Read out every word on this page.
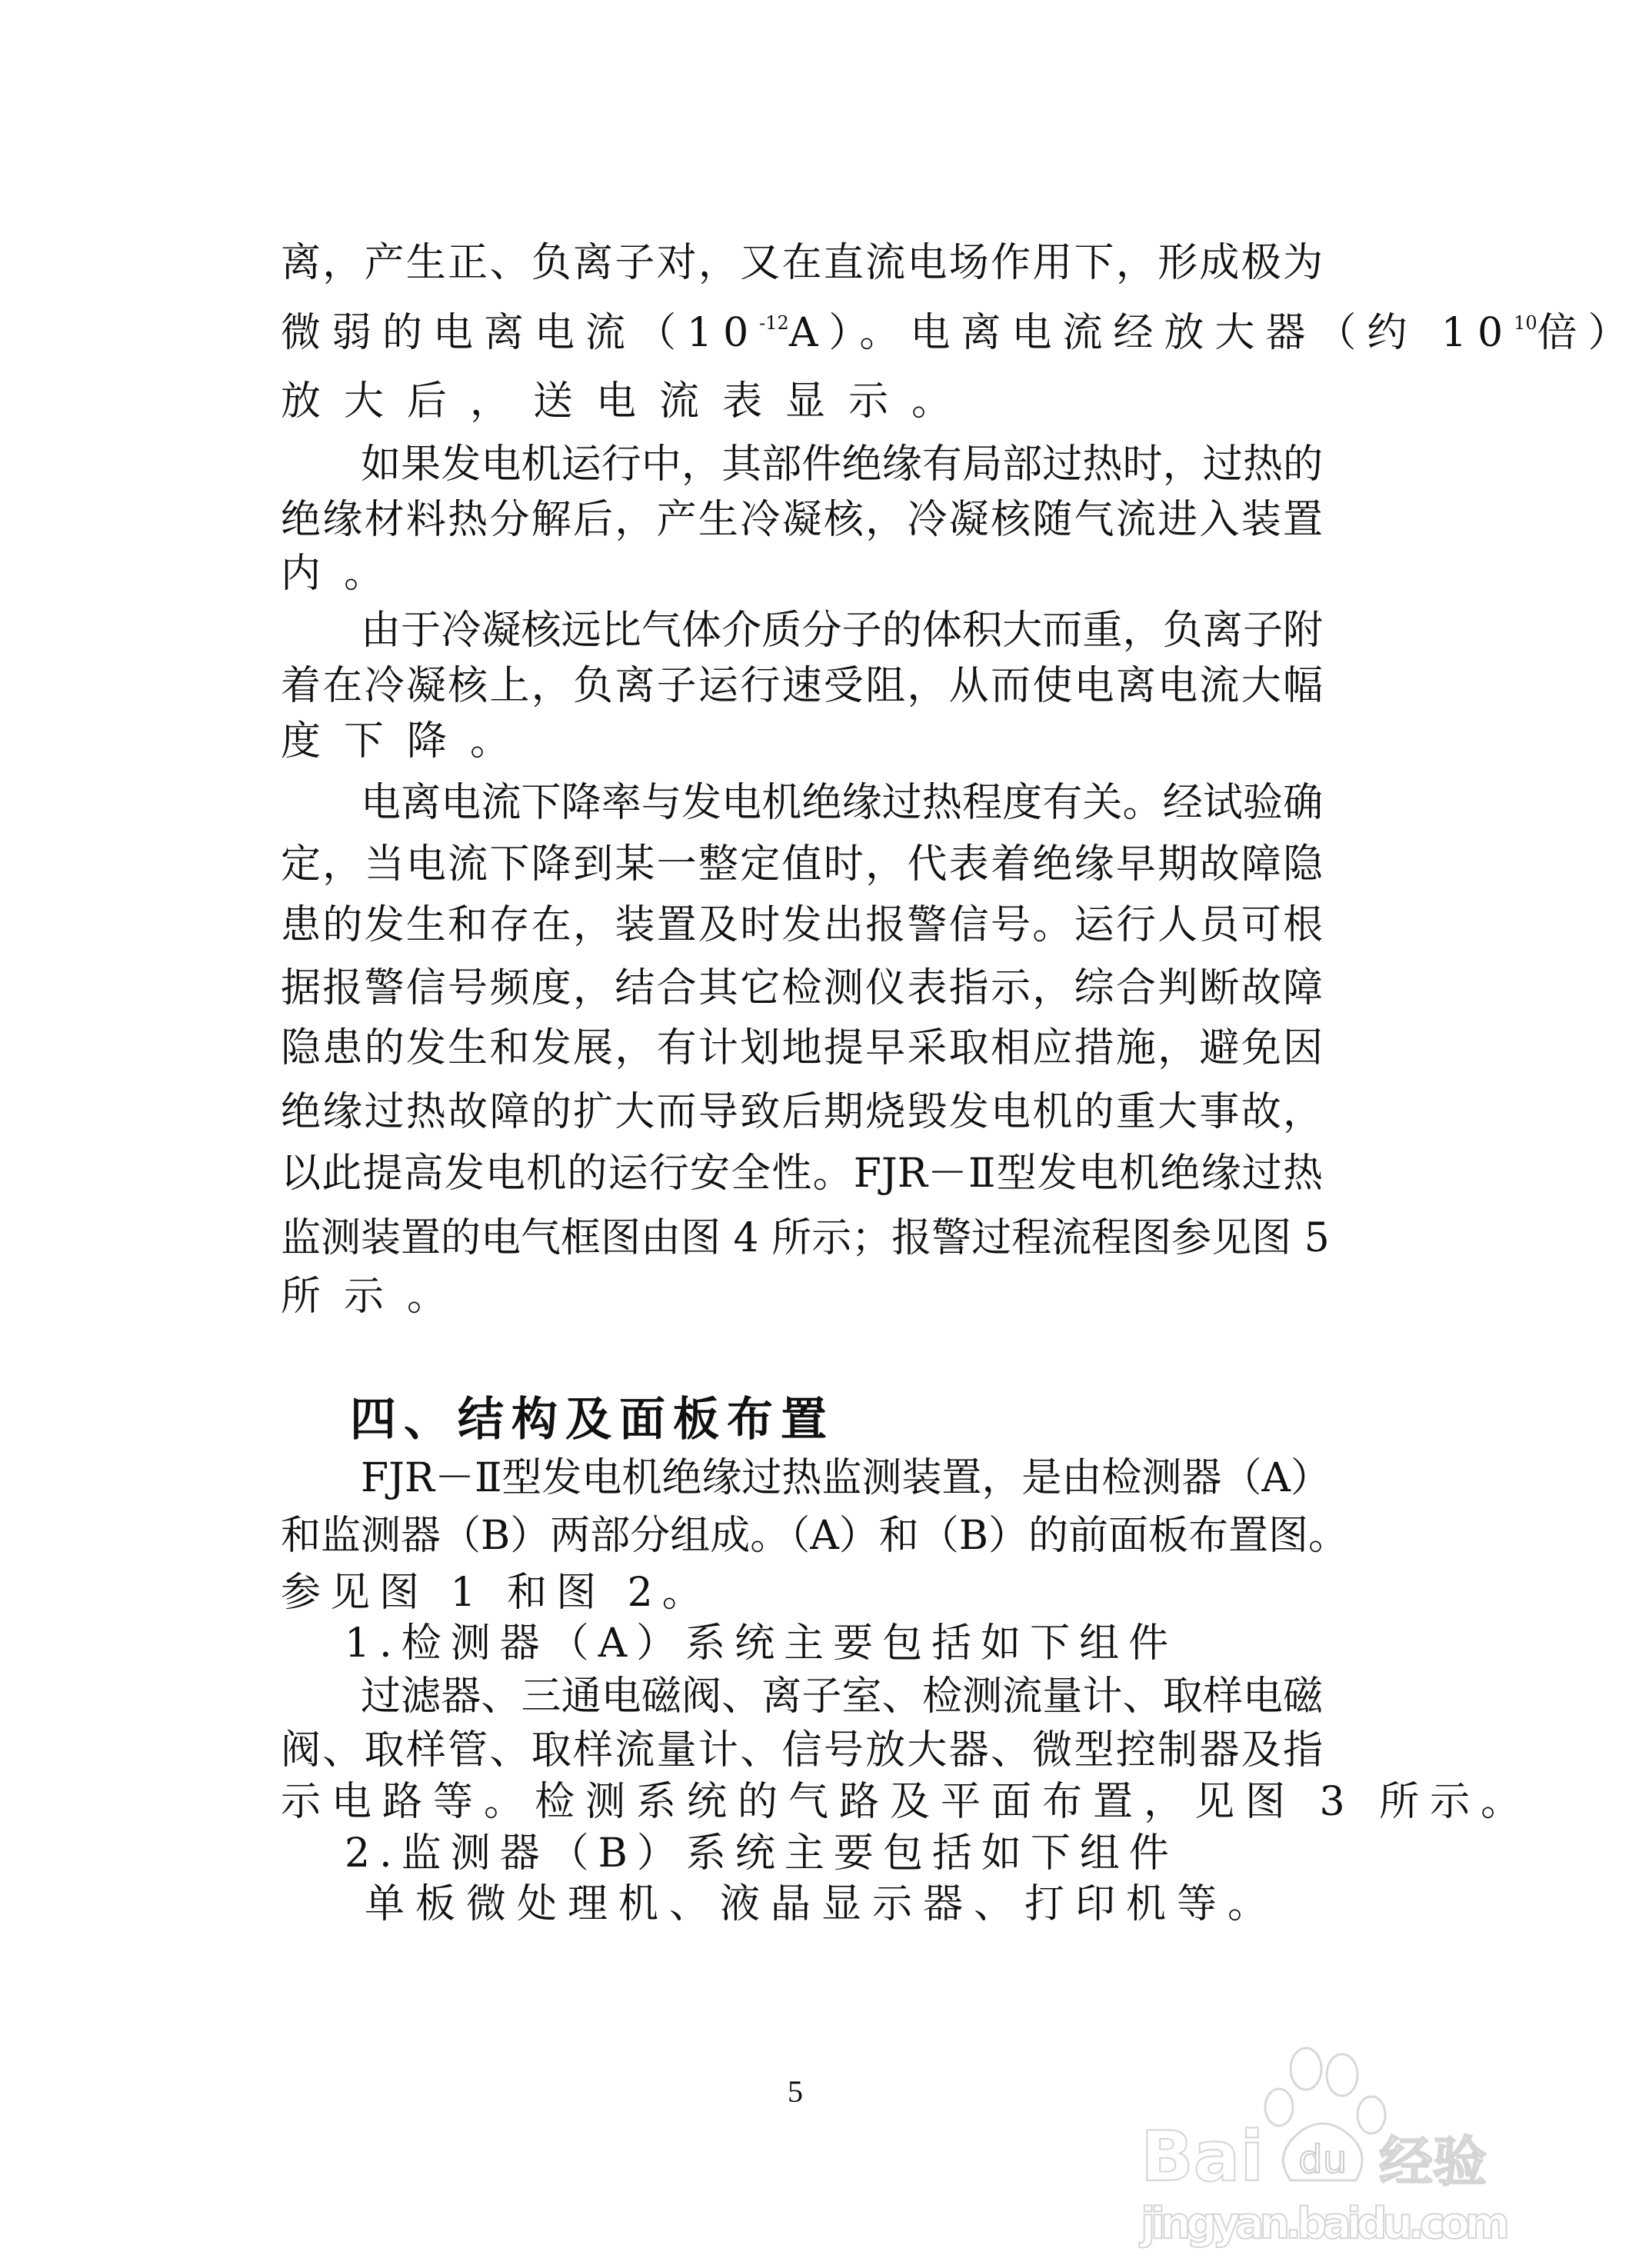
离，产生正、负离子对，又在直流电场作用下，形成极为
微弱的电离电流$(10^{-12}A)$。电离电流经放大器（约 $10^{10}$倍）
放大后，送电流表显示。
如果发电机运行中，其部件绝缘有局部过热时，过热的
绝缘材料热分解后，产生冷凝核，冷凝核随气流进入装置
内。
由于冷凝核远比气体介质分子的体积大而重，负离子附
着在冷凝核上，负离子运行速受阻，从而使电离电流大幅
度下降。
电离电流下降率与发电机绝缘过热程度有关。经试验确
定，当电流下降到某一整定值时，代表着绝缘早期故障隐
患的发生和存在，装置及时发出报警信号。运行人员可根
据报警信号频度，结合其它检测仪表指示，综合判断故障
隐患的发生和发展，有计划地提早采取相应措施，避免因
绝缘过热故障的扩大而导致后期烧毁发电机的重大事故，
以此提高发电机的运行安全性。FJR－Ⅱ型发电机绝缘过热
监测装置的电气框图由图 4 所示；报警过程流程图参见图 5
所示。
四、结构及面板布置
FJR－Ⅱ型发电机绝缘过热监测装置，是由检测器（A）
和监测器（B）两部分组成。（A）和（B）的前面板布置图。
参见图 1 和图 2。
1.检测器（A）系统主要包括如下组件
过滤器、三通电磁阀、离子室、检测流量计、取样电磁
阀、取样管、取样流量计、信号放大器、微型控制器及指
示电路等。检测系统的气路及平面布置，见图 3 所示。
2.监测器（B）系统主要包括如下组件
单板微处理机、液晶显示器、打印机等。
5
Bai du 经验
jingyan.baidu.com
